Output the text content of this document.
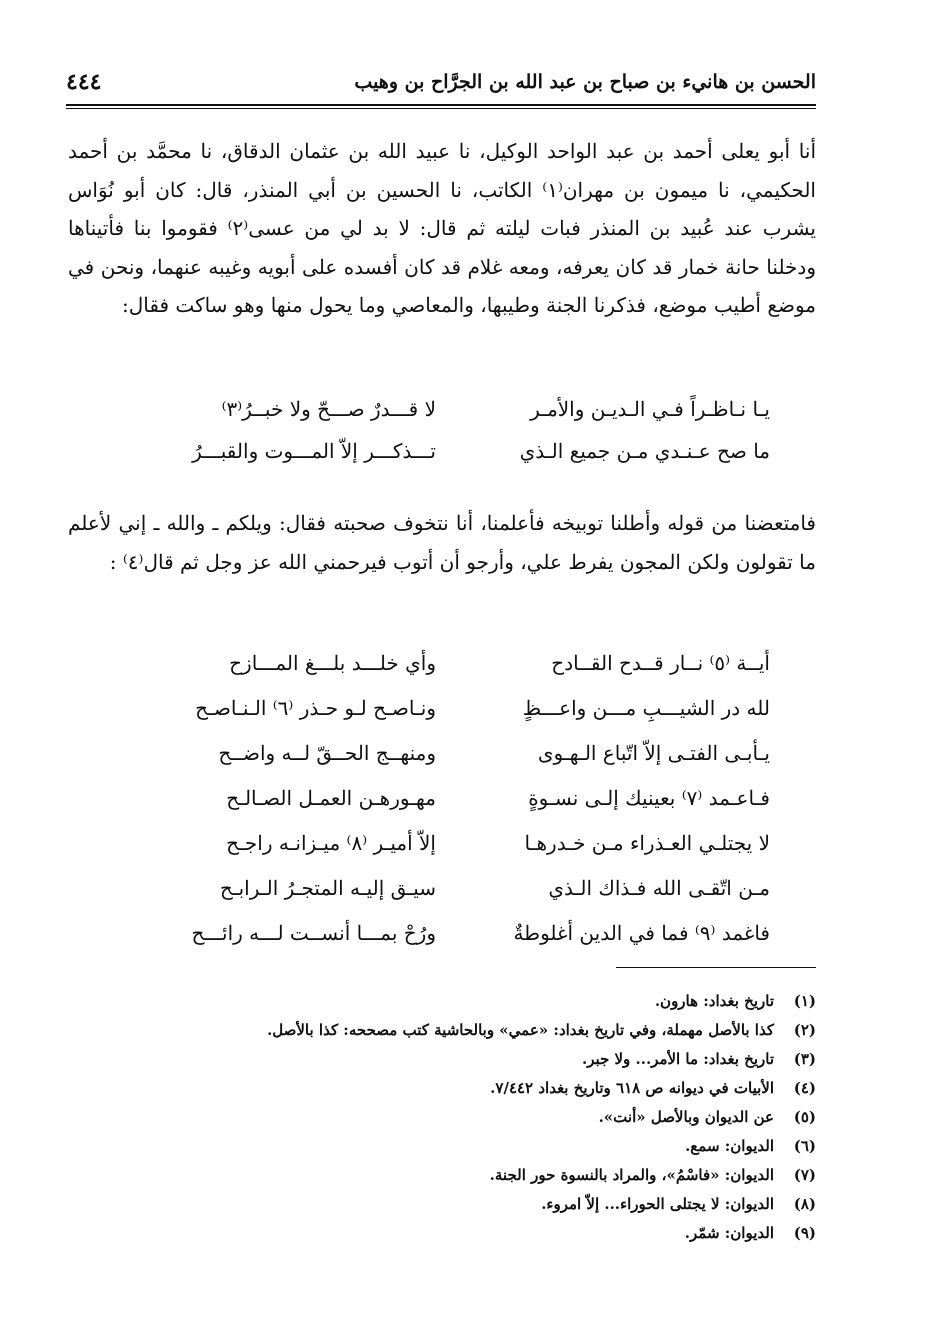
الحسن بن هانيء بن صباح بن عبد الله بن الجرَّاح بن وهيب
٤٤٤
أنا أبو يعلى أحمد بن عبد الواحد الوكيل، نا عبيد الله بن عثمان الدقاق، نا محمَّد بن أحمد الحكيمي، نا ميمون بن مهران⁽١⁾ الكاتب، نا الحسين بن أبي المنذر، قال: كان أبو نُوَاس يشرب عند عُبيد بن المنذر فبات ليلته ثم قال: لا بد لي من عسى⁽٢⁾ فقوموا بنا فأتيناها ودخلنا حانة خمار قد كان يعرفه، ومعه غلام قد كان أفسده على أبويه وغيبه عنهما، ونحن في موضع أطيب موضع، فذكرنا الجنة وطيبها، والمعاصي وما يحول منها وهو ساكت فقال:
يـا نـاظـراً فـي الـديـن والأمـر
لا قـــدرٌ صـــحّ ولا خبــرُ⁽٣⁾
ما صح عـنـدي مـن جميع الـذي
تـــذكـــر إلاّ المـــوت والقبـــرُ
فامتعضنا من قوله وأطلنا توبيخه فأعلمنا، أنا نتخوف صحبته فقال: ويلكم ـ والله ـ إني لأعلم ما تقولون ولكن المجون يفرط علي، وأرجو أن أتوب فيرحمني الله عز وجل ثم قال⁽٤⁾ :
أيــة ⁽٥⁾ نــار قــدح القــادح
وأي خلـــد بلـــغ المـــازح
لله در الشيـــبِ مـــن واعـــظٍ
ونـاصـح لـو حـذر ⁽٦⁾ الـنـاصـح
يـأبـى الفتـى إلاّ اتّباع الـهـوى
ومنهــج الحــقّ لــه واضــح
فـاعـمد ⁽٧⁾ بعينيك إلـى نسـوةٍ
مهـورهـن العمـل الصـالـح
لا يجتلـي العـذراء مـن خـدرهـا
إلاّ أميـر ⁽٨⁾ ميـزانـه راجـح
مـن اتّقـى الله فـذاك الـذي
سيـق إليـه المتجـرُ الـرابـح
فاغمد ⁽٩⁾ فما في الدين أغلوطةٌ
ورُحْ بمـــا أنســت لـــه رائـــح
(١)
تاريخ بغداد: هارون.
(٢)
كذا بالأصل مهملة، وفي تاريخ بغداد: «عمي» وبالحاشية كتب مصححه: كذا بالأصل.
(٣)
تاريخ بغداد: ما الأمر... ولا جبر.
(٤)
الأبيات في ديوانه ص ٦١٨ وتاريخ بغداد ٧/٤٤٢.
(٥)
عن الديوان وبالأصل «أنت».
(٦)
الديوان: سمع.
(٧)
الديوان: «فاسْمُ»، والمراد بالنسوة حور الجنة.
(٨)
الديوان: لا يجتلى الحوراء... إلاّ امروء.
(٩)
الديوان: شمّر.
